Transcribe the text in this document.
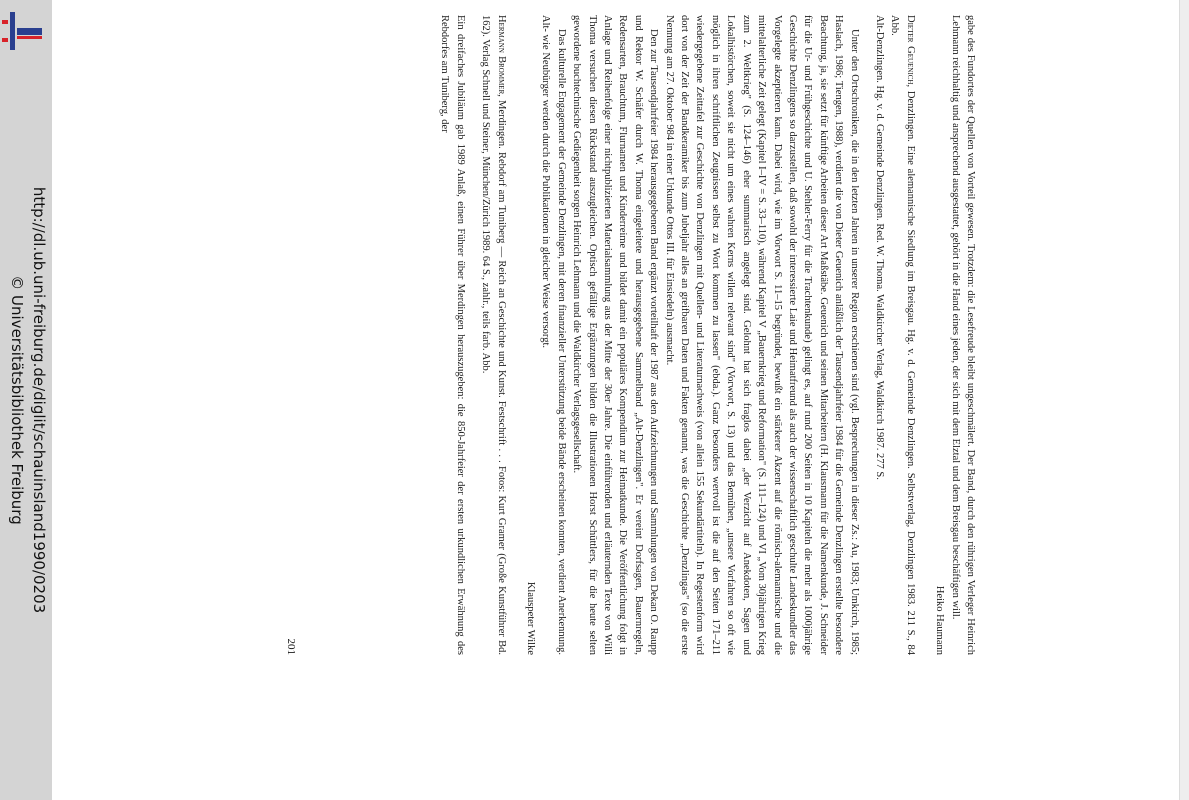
http://dl.ub.uni-freiburg.de/diglit/schauinsland1990/0203
© Universitätsbibliothek Freiburg	gabe des Fundortes der Quellen von Vorteil gewesen. Trotzdem: die Lesefreude bleibt ungeschmälert. Der Band, durch den rührigen Verleger Heinrich Lehmann reichhaltig und ansprechend ausgestattet, gehört in die Hand eines jeden, der sich mit dem Elztal und dem Breisgau beschäftigen will.

Heiko Haumann

Dieter Geuenich, Denzlingen. Eine alemannische Siedlung im Breisgau. Hg. v. d. Gemeinde Denzlingen. Selbstverlag, Denzlingen 1983. 211 S., 84 Abb.

Alt-Denzlingen. Hg. v. d. Gemeinde Denzlingen. Red. W. Thoma. Waldkircher Verlag, Waldkirch 1987. 277 S.

Unter den Ortschroniken, die in den letzten Jahren in unserer Region erschienen sind (vgl. Besprechungen in dieser Zs.: Au, 1983; Umkirch, 1985; Haslach, 1986; Tiengen, 1988), verdient die von Dieter Geuenich anläßlich der Tausendjahrfeier 1984 für die Gemeinde Denzlingen erstellte besondere Beachtung, ja, sie setzt für künftige Arbeiten dieser Art Maßstäbe. Geuenich und seinen Mitarbeitern (H. Klausmann für die Namenkunde, J. Schneider für die Ur- und Frühgeschichte und U. Stehler-Ferry für die Trachtenkunde) gelingt es, auf rund 200 Seiten in 10 Kapiteln die mehr als 1000jährige Geschichte Denzlingens so darzustellen, daß sowohl der interessierte Laie und Heimatfreund als auch der wissenschaftlich geschulte Landeskundler das Vorgelegte akzeptieren kann. Dabei wird, wie im Vorwort S. 11–15 begründet, bewußt ein stärkerer Akzent auf die römisch-alemannische und die mittelalterliche Zeit gelegt (Kapitel I–IV = S. 33–110), während Kapitel V „Bauernkrieg und Reformation" (S. 111–124) und VI „Vom 30jährigen Krieg zum 2. Weltkrieg" (S. 124–146) eher summarisch angelegt sind. Gelohnt hat sich fraglos dabei „der Verzicht auf Anekdoten, Sagen und Lokalhistörchen, soweit sie nicht um eines wahren Kerns willen relevant sind" (Vorwort, S. 13) und das Bemühen, „unsere Vorfahren so oft wie möglich in ihren schriftlichen Zeugnissen selbst zu Wort kommen zu lassen" (ebda.). Ganz besonders wertvoll ist die auf den Seiten 171–211 wiedergegebene Zeittafel zur Geschichte von Denzlingen mit Quellen- und Literaturnachweis (von allein 155 Sekundärtiteln). In Regestenform wird dort von der Zeit der Bandkeramiker bis zum Jubeljahr alles an greifbaren Daten und Fakten genannt, was die Geschichte „Denzlingas" (so die erste Nennung am 27. Oktober 984 in einer Urkunde Ottos III. für Einsiedeln) ausmacht.

Den zur Tausendjahrfeier 1984 herausgegebenen Band ergänzt vorteilhaft der 1987 aus den Aufzeichnungen und Sammlungen von Dekan O. Raupp und Rektor W. Schäfer durch W. Thoma eingeleitete und herausgegebene Sammelband „Alt-Denzlingen". Er vereint Dorfsagen, Bauernregeln, Redensarten, Brauchtum, Flurnamen und Kinderreime und bildet damit ein populäres Kompendium zur Heimatkunde. Die Veröffentlichung folgt in Anlage und Reihenfolge einer nichtpublizierten Materialsammlung aus der Mitte der 30er Jahre. Die einführenden und erläuternden Texte von Willi Thoma versuchen diesen Rückstand auszugleichen. Optisch gefällige Ergänzungen bilden die Illustrationen Horst Schüttlers, für die heute selten gewordene buchtechnische Gediegenheit sorgen Heinrich Lehmann und die Waldkircher Verlagsgesellschaft.

Das kulturelle Engagement der Gemeinde Denzlingen, mit deren finanzieller Unterstützung beide Bände erscheinen konnten, verdient Anerkennung. Alt- wie Neubürger werden durch die Publikationen in gleicher Weise versorgt.

Klauspeter Wilke

Hermann Brommer, Merdingen. Rebdorf am Tuniberg — Reich an Geschichte und Kunst. Festschrift . . . Fotos: Kurt Gramer (Große Kunstführer Bd. 162). Verlag Schnell und Steiner, München/Zürich 1989. 64 S., zahlr., teils farb. Abb.

Ein dreifaches Jubiläum gab 1989 Anlaß, einen Führer über Merdingen herauszugeben: die 850-Jahrfeier der ersten urkundlichen Erwähnung des Rebdorfes am Tuniberg, der

201
